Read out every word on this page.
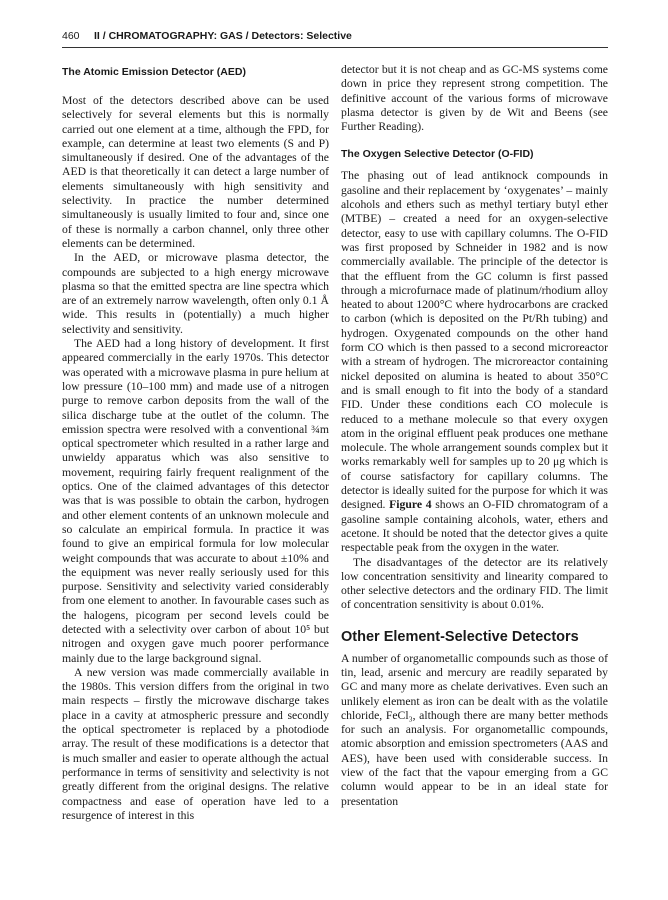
460 II / CHROMATOGRAPHY: GAS / Detectors: Selective
The Atomic Emission Detector (AED)

Most of the detectors described above can be used selectively for several elements but this is normally carried out one element at a time, although the FPD, for example, can determine at least two elements (S and P) simultaneously if desired. One of the advantages of the AED is that theoretically it can detect a large number of elements simultaneously with high sensitivity and selectivity. In practice the number determined simultaneously is usually limited to four and, since one of these is normally a carbon channel, only three other elements can be determined.

In the AED, or microwave plasma detector, the compounds are subjected to a high energy microwave plasma so that the emitted spectra are line spectra which are of an extremely narrow wavelength, often only 0.1 Å wide. This results in (potentially) a much higher selectivity and sensitivity.

The AED had a long history of development. It first appeared commercially in the early 1970s. This detector was operated with a microwave plasma in pure helium at low pressure (10–100 mm) and made use of a nitrogen purge to remove carbon deposits from the wall of the silica discharge tube at the outlet of the column. The emission spectra were resolved with a conventional ¾m optical spectrometer which resulted in a rather large and unwieldy apparatus which was also sensitive to movement, requiring fairly frequent realignment of the optics. One of the claimed advantages of this detector was that is was possible to obtain the carbon, hydrogen and other element contents of an unknown molecule and so calculate an empirical formula. In practice it was found to give an empirical formula for low molecular weight compounds that was accurate to about ±10% and the equipment was never really seriously used for this purpose. Sensitivity and selectivity varied considerably from one element to another. In favourable cases such as the halogens, picogram per second levels could be detected with a selectivity over carbon of about 10⁵ but nitrogen and oxygen gave much poorer performance mainly due to the large background signal.

A new version was made commercially available in the 1980s. This version differs from the original in two main respects – firstly the microwave discharge takes place in a cavity at atmospheric pressure and secondly the optical spectrometer is replaced by a photodiode array. The result of these modifications is a detector that is much smaller and easier to operate although the actual performance in terms of sensitivity and selectivity is not greatly different from the original designs. The relative compactness and ease of operation have led to a resurgence of interest in this

detector but it is not cheap and as GC-MS systems come down in price they represent strong competition. The definitive account of the various forms of microwave plasma detector is given by de Wit and Beens (see Further Reading).

The Oxygen Selective Detector (O-FID)

The phasing out of lead antiknock compounds in gasoline and their replacement by ‘oxygenates’ – mainly alcohols and ethers such as methyl tertiary butyl ether (MTBE) – created a need for an oxygen-selective detector, easy to use with capillary columns. The O-FID was first proposed by Schneider in 1982 and is now commercially available. The principle of the detector is that the effluent from the GC column is first passed through a microfurnace made of platinum/rhodium alloy heated to about 1200°C where hydrocarbons are cracked to carbon (which is deposited on the Pt/Rh tubing) and hydrogen. Oxygenated compounds on the other hand form CO which is then passed to a second microreactor with a stream of hydrogen. The microreactor containing nickel deposited on alumina is heated to about 350°C and is small enough to fit into the body of a standard FID. Under these conditions each CO molecule is reduced to a methane molecule so that every oxygen atom in the original effluent peak produces one methane molecule. The whole arrangement sounds complex but it works remarkably well for samples up to 20 μg which is of course satisfactory for capillary columns. The detector is ideally suited for the purpose for which it was designed. Figure 4 shows an O-FID chromatogram of a gasoline sample containing alcohols, water, ethers and acetone. It should be noted that the detector gives a quite respectable peak from the oxygen in the water.

The disadvantages of the detector are its relatively low concentration sensitivity and linearity compared to other selective detectors and the ordinary FID. The limit of concentration sensitivity is about 0.01%.

Other Element-Selective Detectors

A number of organometallic compounds such as those of tin, lead, arsenic and mercury are readily separated by GC and many more as chelate derivatives. Even such an unlikely element as iron can be dealt with as the volatile chloride, FeCl₃, although there are many better methods for such an analysis. For organometallic compounds, atomic absorption and emission spectrometers (AAS and AES), have been used with considerable success. In view of the fact that the vapour emerging from a GC column would appear to be in an ideal state for presentation
